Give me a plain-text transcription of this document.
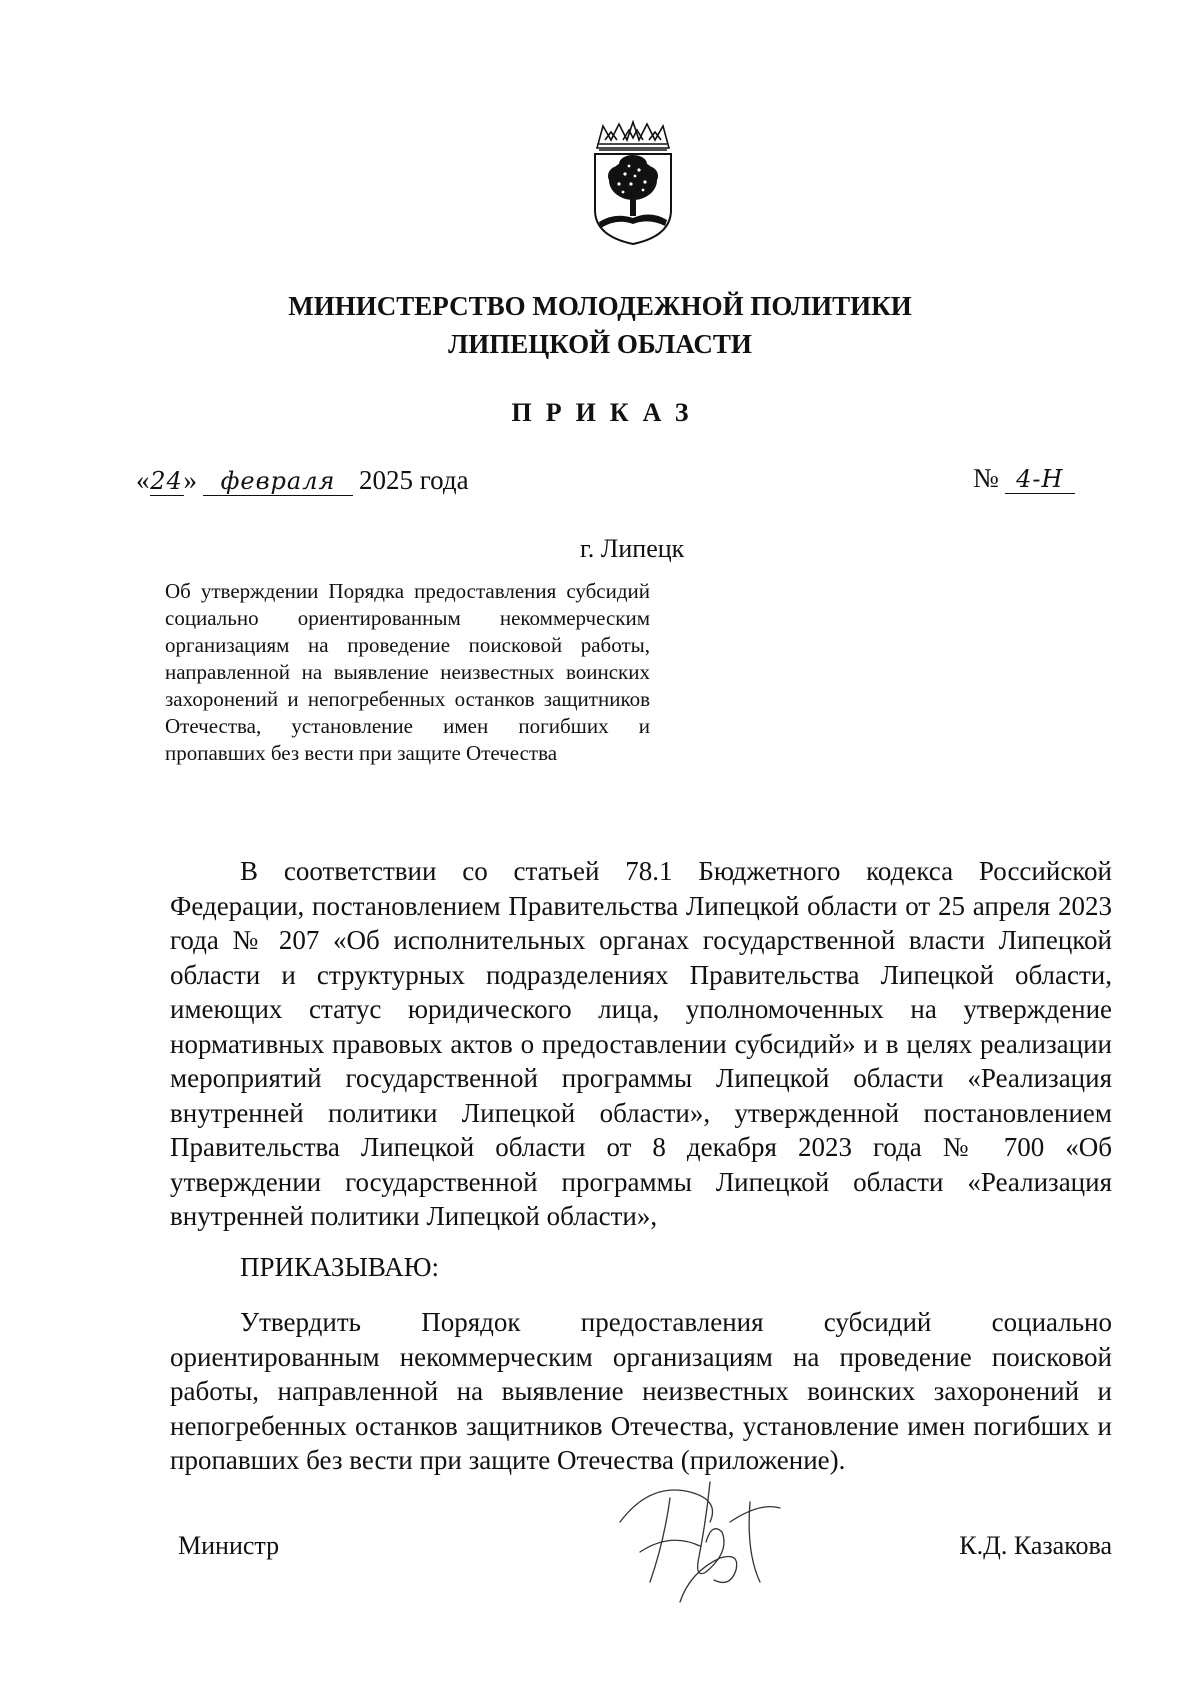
МИНИСТЕРСТВО МОЛОДЕЖНОЙ ПОЛИТИКИ
ЛИПЕЦКОЙ ОБЛАСТИ
ПРИКАЗ
«24» февраля 2025 года	№ 4-Н
г. Липецк
Об утверждении Порядка предоставления субсидий социально ориентированным некоммерческим организациям на проведение поисковой работы, направленной на выявление неизвестных воинских захоронений и непогребенных останков защитников Отечества, установление имен погибших и пропавших без вести при защите Отечества
В соответствии со статьей 78.1 Бюджетного кодекса Российской Федерации, постановлением Правительства Липецкой области от 25 апреля 2023 года № 207 «Об исполнительных органах государственной власти Липецкой области и структурных подразделениях Правительства Липецкой области, имеющих статус юридического лица, уполномоченных на утверждение нормативных правовых актов о предоставлении субсидий» и в целях реализации мероприятий государственной программы Липецкой области «Реализация внутренней политики Липецкой области», утвержденной постановлением Правительства Липецкой области от 8 декабря 2023 года № 700 «Об утверждении государственной программы Липецкой области «Реализация внутренней политики Липецкой области»,
ПРИКАЗЫВАЮ:
Утвердить Порядок предоставления субсидий социально ориентированным некоммерческим организациям на проведение поисковой работы, направленной на выявление неизвестных воинских захоронений и непогребенных останков защитников Отечества, установление имен погибших и пропавших без вести при защите Отечества (приложение).
Министр	К.Д. Казакова
